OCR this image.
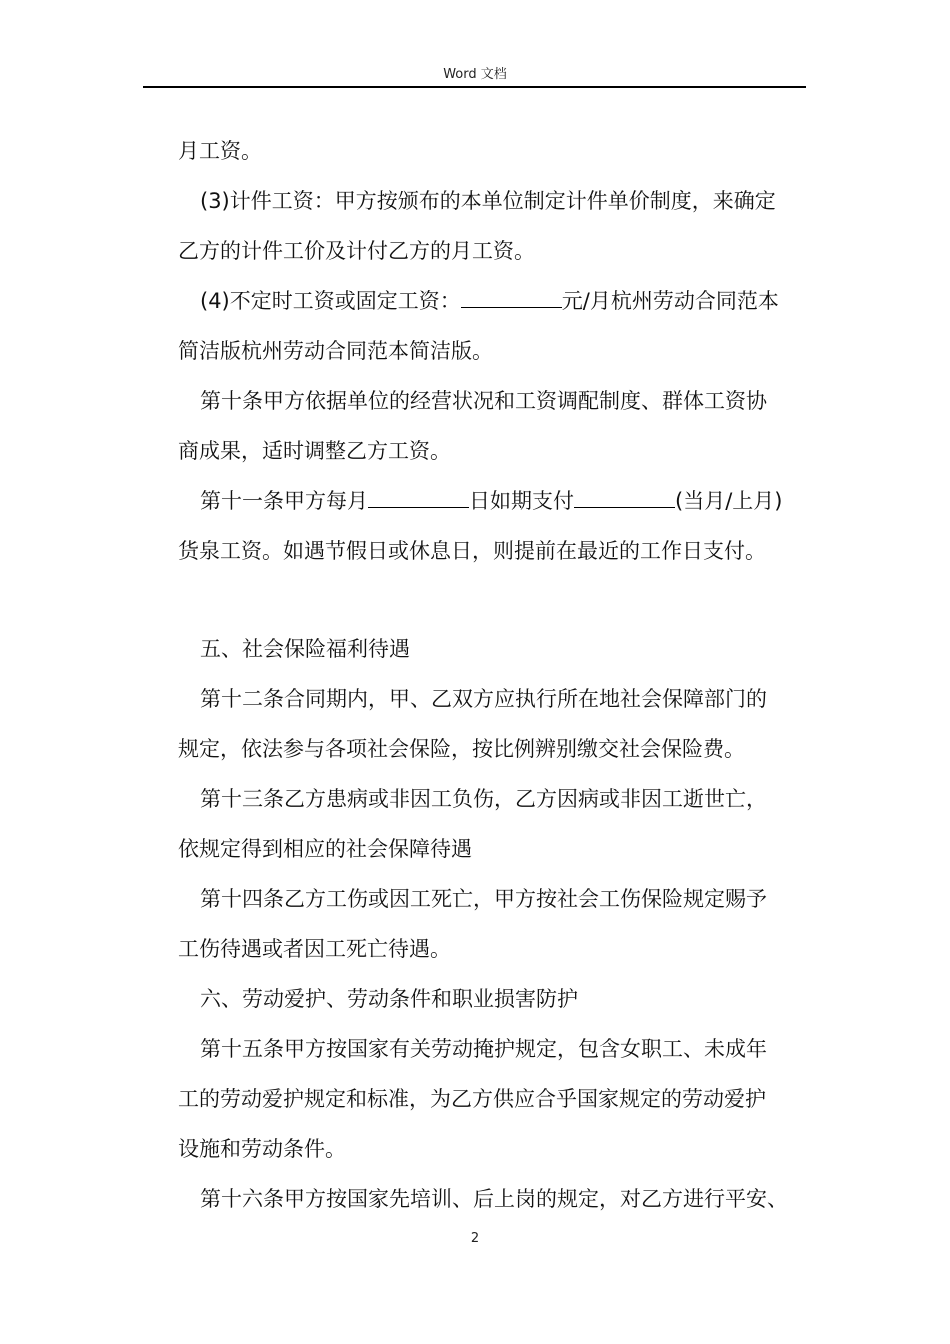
Word 文档
月工资。
(3)计件工资：甲方按颁布的本单位制定计件单价制度，来确定
乙方的计件工价及计付乙方的月工资。
(4)不定时工资或固定工资：	元/月杭州劳动合同范本
简洁版杭州劳动合同范本简洁版。
第十条甲方依据单位的经营状况和工资调配制度、群体工资协
商成果，适时调整乙方工资。
第十一条甲方每月	日如期支付	(当月/上月)
货泉工资。如遇节假日或休息日，则提前在最近的工作日支付。
五、社会保险福利待遇
第十二条合同期内，甲、乙双方应执行所在地社会保障部门的
规定，依法参与各项社会保险，按比例辨别缴交社会保险费。
第十三条乙方患病或非因工负伤，乙方因病或非因工逝世亡，
依规定得到相应的社会保障待遇
第十四条乙方工伤或因工死亡，甲方按社会工伤保险规定赐予
工伤待遇或者因工死亡待遇。
六、劳动爱护、劳动条件和职业损害防护
第十五条甲方按国家有关劳动掩护规定，包含女职工、未成年
工的劳动爱护规定和标准，为乙方供应合乎国家规定的劳动爱护
设施和劳动条件。
第十六条甲方按国家先培训、后上岗的规定，对乙方进行平安、
2
